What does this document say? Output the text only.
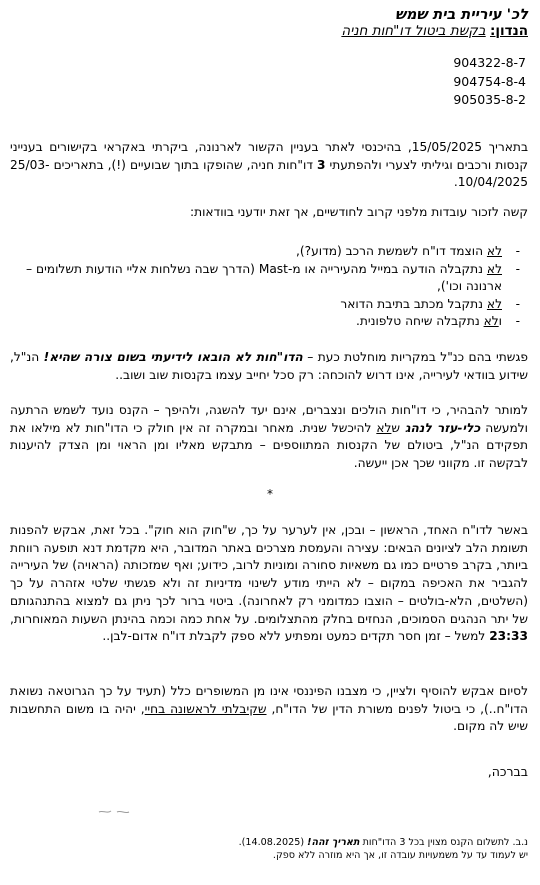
לכ' עיריית בית שמש

הנדון: בקשת ביטול דו"חות חניה

904322-8-7
904754-8-4
905035-8-2

בתאריך 15/05/2025, בהיכנסי לאתר בעניין הקשור לארנונה, ביקרתי באקראי בקישורים בענייני קנסות ורכבים וגיליתי לצערי ולהפתעתי 3 דו"חות חניה, שהופקו בתוך שבועיים (!), בתאריכים 25/03-10/04/2025.

קשה לזכור עובדות מלפני קרוב לחודשיים, אך זאת יודעני בוודאות:

- לא הוצמד דו"ח לשמשת הרכב (מדוע?),
- לא נתקבלה הודעה במייל מהעירייה או מ-Mast (הדרך שבה נשלחות אליי הודעות תשלומים – ארנונה וכו'),
- לא נתקבל מכתב בתיבת הדואר
- ולא נתקבלה שיחה טלפונית.

פגשתי בהם כנ"ל במקריות מוחלטת כעת – הדו"חות לא הובאו לידיעתי בשום צורה שהיא! הנ"ל, שידוע בוודאי לעירייה, אינו דרוש להוכחה: רק סכל יחייב עצמו בקנסות שוב ושוב..

למותר להבהיר, כי דו"חות הולכים ונצברים, אינם יעד להשגה, ולהיפך – הקנס נועד לשמש הרתעה ולמעשה כלי-עזר לנהג שלא להיכשל שנית. מאחר ובמקרה זה אין חולק כי הדו"חות לא מילאו את תפקידם הנ"ל, ביטולם של הקנסות המתווספים – מתבקש מאליו ומן הראוי ומן הצדק להיענות לבקשה זו. מקווני שכך אכן ייעשה.

*

באשר לדו"ח האחד, הראשון – ובכן, אין לערער על כך, ש"חוק הוא חוק". בכל זאת, אבקש להפנות תשומת הלב לציונים הבאים: עצירה והעמסת מצרכים באתר המדובר, היא מקדמת דנא תופעה רווחת ביותר, בקרב פרטיים כמו גם משאיות סחורה ומוניות לרוב, כידוע; ואף שמזכותה (הראויה) של העירייה להגביר את האכיפה במקום – לא הייתי מודע לשינוי מדיניות זה ולא פגשתי שלטי אזהרה על כך (השלטים, הלא-בולטים – הוצבו כמדומני רק לאחרונה). ביטוי ברור לכך ניתן גם למצוא בהתנהגותם של יתר הנהגים הסמוכים, הנחזים בחלק מהתצלומים. על אחת כמה וכמה בהינתן השעות המאוחרות, 23:33 למשל – זמן חסר תקדים כמעט ומפתיע ללא ספק לקבלת דו"ח אדום-לבן..

לסיום אבקש להוסיף ולציין, כי מצבנו הפיננסי אינו מן המשופרים כלל (תעיד על כך הגרוטאה נשואת הדו"ח..), כי ביטול לפנים משורת הדין של הדו"ח, שקיבלתי לראשונה בחיי, יהיה בו משום התחשבות שיש לה מקום.

בברכה,

נ.ב. לתשלום הקנס מצוין בכל 3 הדו"חות תאריך זהה! (14.08.2025).
יש לעמוד עד על משמעויות עובדה זו, אך היא מוזרה ללא ספק.
